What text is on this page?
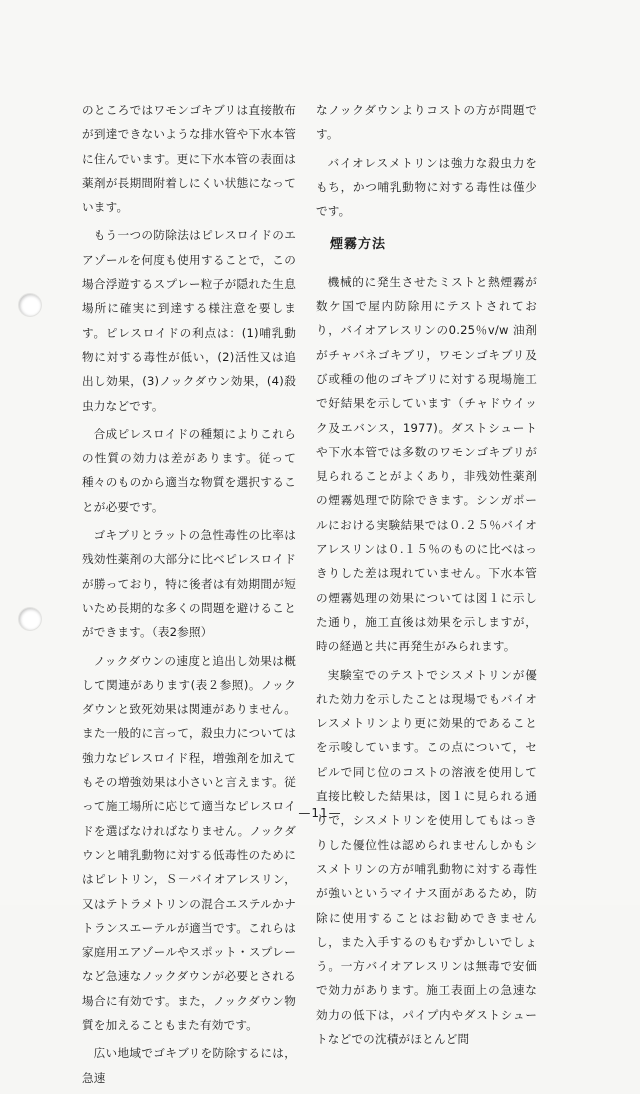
のところではワモンゴキブリは直接散布が到達できないような排水管や下水本管に住んでいます。更に下水本管の表面は薬剤が長期間附着しにくい状態になっています。

もう一つの防除法はピレスロイドのエアゾールを何度も使用することで，この場合浮遊するスプレー粒子が隠れた生息場所に確実に到達する様注意を要します。ピレスロイドの利点は：(1)哺乳動物に対する毒性が低い，(2)活性又は追出し効果，(3)ノックダウン効果，(4)殺虫力などです。

合成ピレスロイドの種類によりこれらの性質の効力は差があります。従って種々のものから適当な物質を選択することが必要です。

ゴキブリとラットの急性毒性の比率は残効性薬剤の大部分に比べピレスロイドが勝っており，特に後者は有効期間が短いため長期的な多くの問題を避けることができます。（表2参照）

ノックダウンの速度と追出し効果は概して関連があります(表２参照)。ノックダウンと致死効果は関連がありません。また一般的に言って，殺虫力については強力なピレスロイド程，増強剤を加えてもその増強効果は小さいと言えます。従って施工場所に応じて適当なピレスロイドを選ばなければなりません。ノックダウンと哺乳動物に対する低毒性のためにはピレトリン，Ｓ－バイオアレスリン，又はテトラメトリンの混合エステルかナトランスエーテルが適当です。これらは家庭用エアゾールやスポット・スプレーなど急速なノックダウンが必要とされる場合に有効です。また，ノックダウン物質を加えることもまた有効です。

広い地域でゴキブリを防除するには，急速

なノックダウンよりコストの方が問題です。

バイオレスメトリンは強力な殺虫力をもち，かつ哺乳動物に対する毒性は僅少です。

煙霧方法

機械的に発生させたミストと熱煙霧が数ケ国で屋内防除用にテストされており，バイオアレスリンの0.25％v/w 油剤がチャバネゴキブリ，ワモンゴキブリ及び或種の他のゴキブリに対する現場施工で好結果を示しています（チャドウイック及エバンス，1977)。ダストシュートや下水本管では多数のワモンゴキブリが見られることがよくあり，非残効性薬剤の煙霧処理で防除できます。シンガポールにおける実験結果では０.２５％バイオアレスリンは０.１５％のものに比べはっきりした差は現れていません。下水本管の煙霧処理の効果については図１に示した通り，施工直後は効果を示しますが，時の経過と共に再発生がみられます。

実験室でのテストでシスメトリンが優れた効力を示したことは現場でもバイオレスメトリンより更に効果的であることを示唆しています。この点について，セピルで同じ位のコストの溶液を使用して直接比較した結果は，図１に見られる通りで，シスメトリンを使用してもはっきりした優位性は認められませんしかもシスメトリンの方が哺乳動物に対する毒性が強いというマイナス面があるため，防除に使用することはお勧めできませんし，また入手するのもむずかしいでしょう。一方バイオアレスリンは無毒で安価で効力があります。施工表面上の急速な効力の低下は，パイプ内やダストシュートなどでの沈積がほとんど問

—11—
